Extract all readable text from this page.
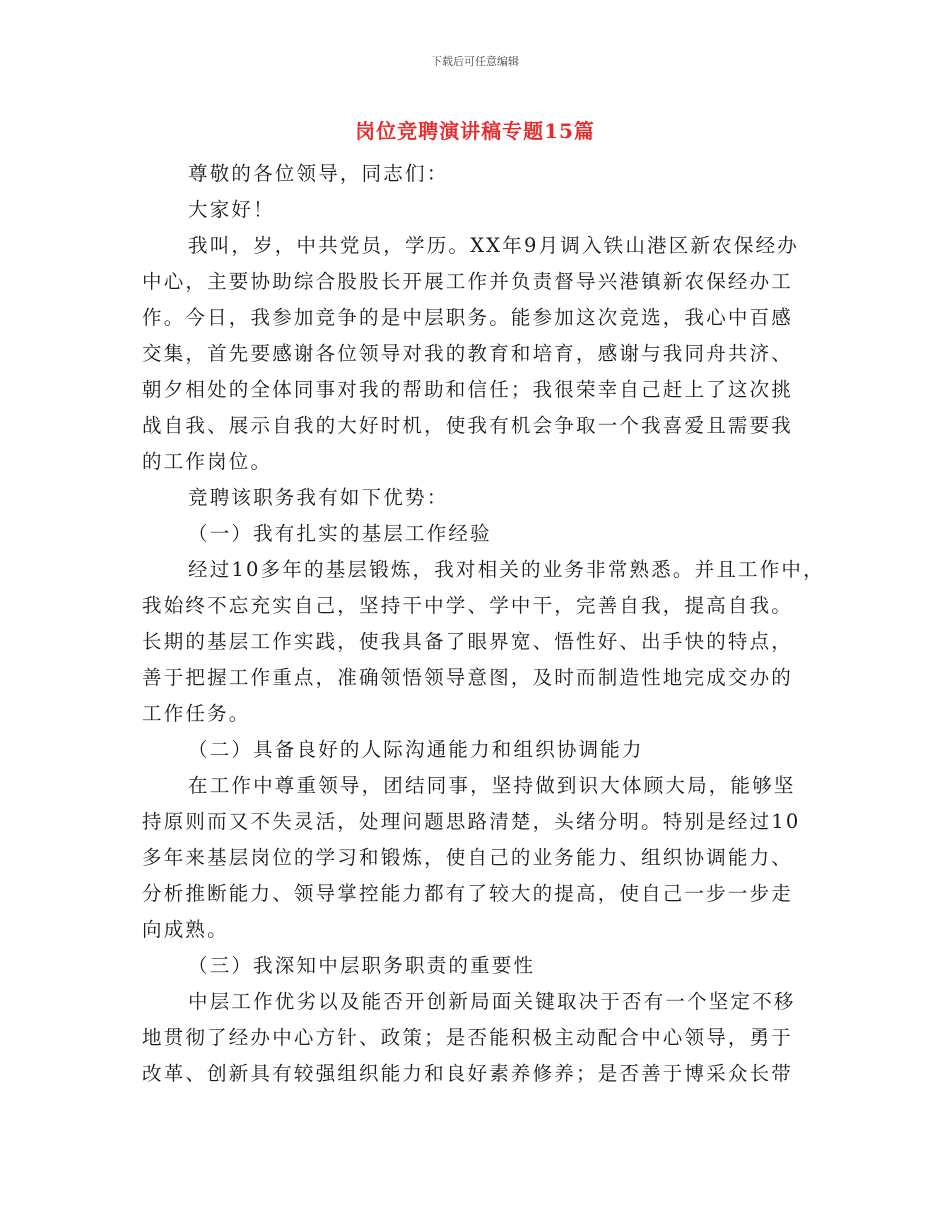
下载后可任意编辑
岗位竞聘演讲稿专题15篇
尊敬的各位领导，同志们：
大家好！
我叫，岁，中共党员，学历。XX年9月调入铁山港区新农保经办
中心，主要协助综合股股长开展工作并负责督导兴港镇新农保经办工
作。今日，我参加竞争的是中层职务。能参加这次竞选，我心中百感
交集，首先要感谢各位领导对我的教育和培育，感谢与我同舟共济、
朝夕相处的全体同事对我的帮助和信任；我很荣幸自己赶上了这次挑
战自我、展示自我的大好时机，使我有机会争取一个我喜爱且需要我
的工作岗位。
竞聘该职务我有如下优势：
（一）我有扎实的基层工作经验
经过10多年的基层锻炼，我对相关的业务非常熟悉。并且工作中，
我始终不忘充实自己，坚持干中学、学中干，完善自我，提高自我。
长期的基层工作实践，使我具备了眼界宽、悟性好、出手快的特点，
善于把握工作重点，准确领悟领导意图，及时而制造性地完成交办的
工作任务。
（二）具备良好的人际沟通能力和组织协调能力
在工作中尊重领导，团结同事，坚持做到识大体顾大局，能够坚
持原则而又不失灵活，处理问题思路清楚，头绪分明。特别是经过10
多年来基层岗位的学习和锻炼，使自己的业务能力、组织协调能力、
分析推断能力、领导掌控能力都有了较大的提高，使自己一步一步走
向成熟。
（三）我深知中层职务职责的重要性
中层工作优劣以及能否开创新局面关键取决于否有一个坚定不移
地贯彻了经办中心方针、政策；是否能积极主动配合中心领导，勇于
改革、创新具有较强组织能力和良好素养修养；是否善于博采众长带
